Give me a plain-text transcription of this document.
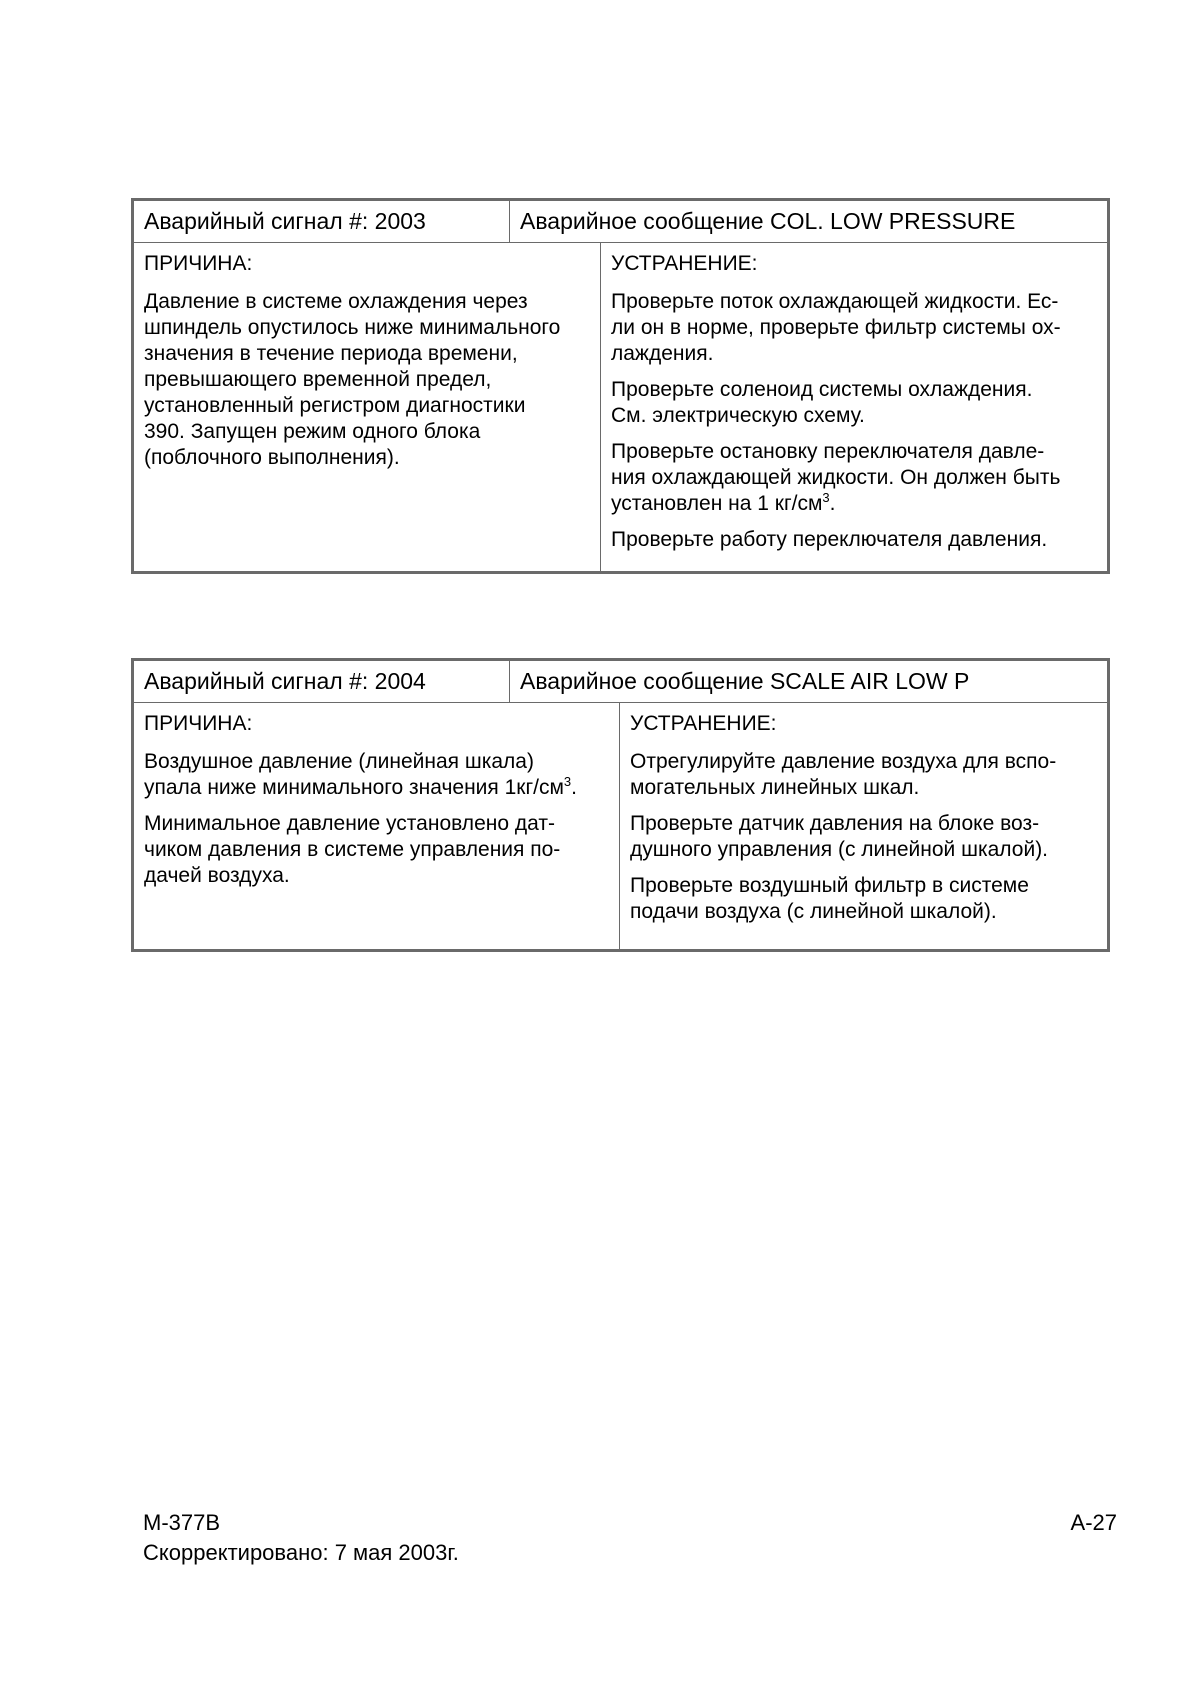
Аварийный сигнал #: 2003	Аварийное сообщение COL. LOW PRESSURE
ПРИЧИНА:
Давление в системе охлаждения через
шпиндель опустилось ниже минимального
значения в течение периода времени,
превышающего временной предел,
установленный регистром диагностики
390. Запущен режим одного блока
(поблочного выполнения).
УСТРАНЕНИЕ:
Проверьте поток охлаждающей жидкости. Ес-
ли он в норме, проверьте фильтр системы ох-
лаждения.
Проверьте соленоид системы охлаждения.
См. электрическую схему.
Проверьте остановку переключателя давле-
ния охлаждающей жидкости. Он должен быть
установлен на 1 $кг/см^3$.
Проверьте работу переключателя давления.
Аварийный сигнал #: 2004	Аварийное сообщение SCALE AIR LOW P
ПРИЧИНА:
Воздушное давление (линейная шкала)
упала ниже минимального значения $1кг/см^3$.
Минимальное давление установлено дат-
чиком давления в системе управления по-
дачей воздуха.
УСТРАНЕНИЕ:
Отрегулируйте давление воздуха для вспо-
могательных линейных шкал.
Проверьте датчик давления на блоке воз-
душного управления (с линейной шкалой).
Проверьте воздушный фильтр в системе
подачи воздуха (с линейной шкалой).
M-377B
Скорректировано: 7 мая 2003г.
A-27
